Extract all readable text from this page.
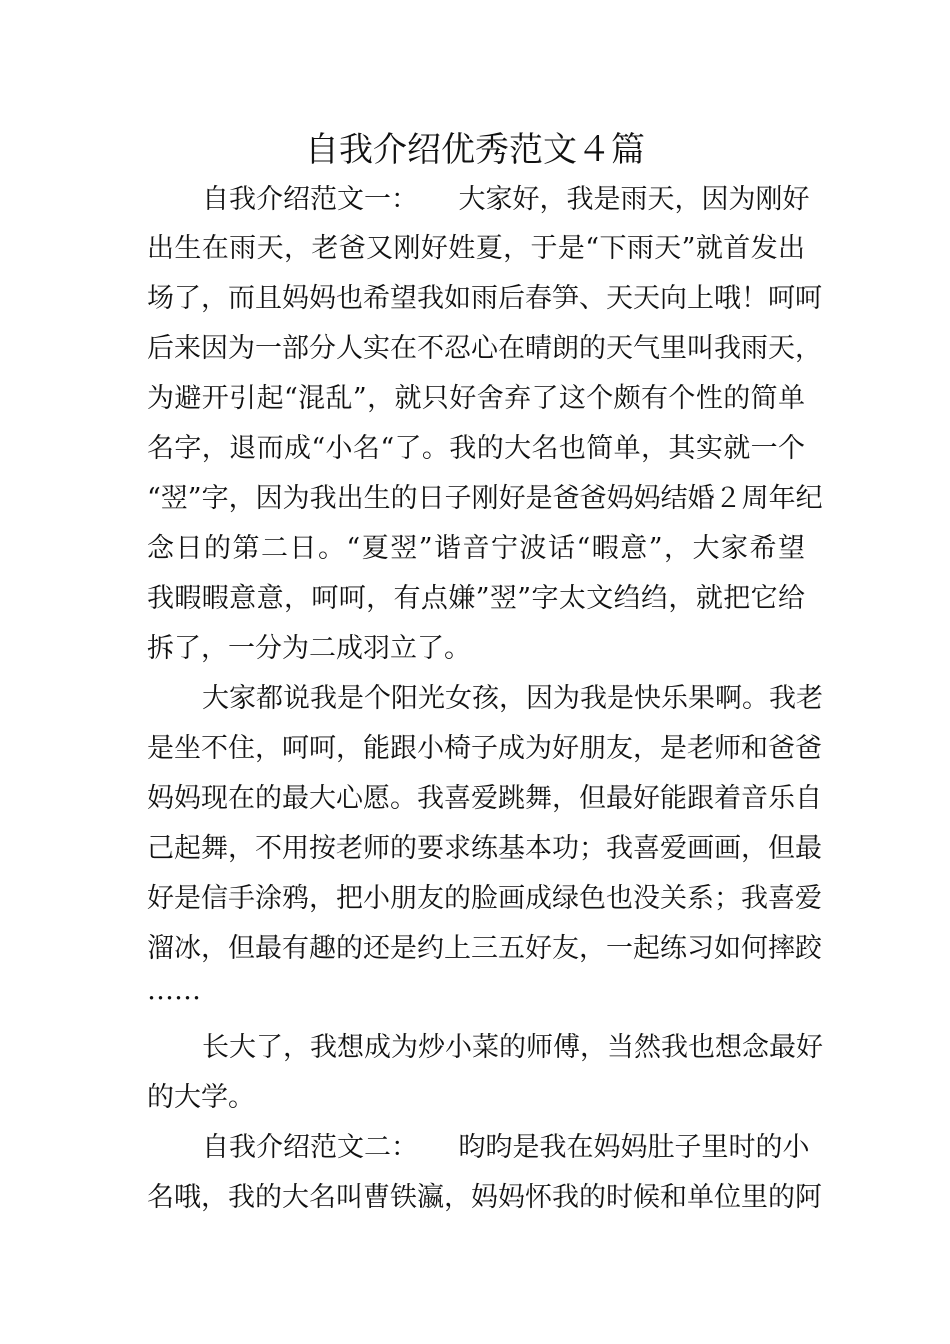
自我介绍优秀范文４篇
自我介绍范文一：　　大家好，我是雨天，因为刚好
出生在雨天，老爸又刚好姓夏，于是“下雨天”就首发出
场了，而且妈妈也希望我如雨后春笋、天天向上哦！呵呵
后来因为一部分人实在不忍心在晴朗的天气里叫我雨天，
为避开引起“混乱”，就只好舍弃了这个颇有个性的简单
名字，退而成“小名“了。我的大名也简单，其实就一个
“翌”字，因为我出生的日子刚好是爸爸妈妈结婚２周年纪
念日的第二日。“夏翌”谐音宁波话“暇意”，大家希望
我暇暇意意，呵呵，有点嫌”翌”字太文绉绉，就把它给
拆了，一分为二成羽立了。
大家都说我是个阳光女孩，因为我是快乐果啊。我老
是坐不住，呵呵，能跟小椅子成为好朋友，是老师和爸爸
妈妈现在的最大心愿。我喜爱跳舞，但最好能跟着音乐自
己起舞，不用按老师的要求练基本功；我喜爱画画，但最
好是信手涂鸦，把小朋友的脸画成绿色也没关系；我喜爱
溜冰，但最有趣的还是约上三五好友，一起练习如何摔跤
……
长大了，我想成为炒小菜的师傅，当然我也想念最好
的大学。
自我介绍范文二：　　昀昀是我在妈妈肚子里时的小
名哦，我的大名叫曹铁瀛，妈妈怀我的时候和单位里的阿
